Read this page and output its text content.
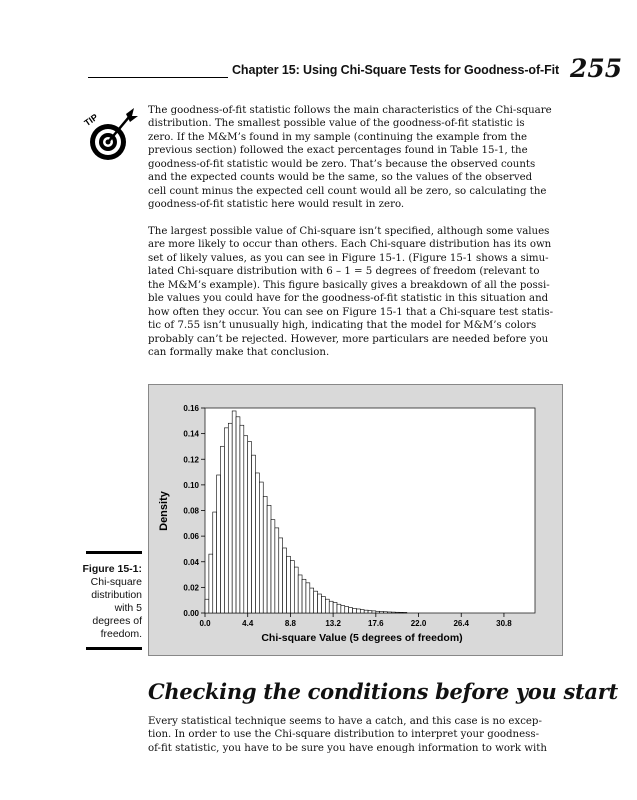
Chapter 15: Using Chi-Square Tests for Goodness-of-Fit 255
TIP
The goodness-of-fit statistic follows the main characteristics of the Chi-square
distribution. The smallest possible value of the goodness-of-fit statistic is
zero. If the M&M’s found in my sample (continuing the example from the
previous section) followed the exact percentages found in Table 15-1, the
goodness-of-fit statistic would be zero. That’s because the observed counts
and the expected counts would be the same, so the values of the observed
cell count minus the expected cell count would all be zero, so calculating the
goodness-of-fit statistic here would result in zero.
The largest possible value of Chi-square isn’t specified, although some values
are more likely to occur than others. Each Chi-square distribution has its own
set of likely values, as you can see in Figure 15-1. (Figure 15-1 shows a simu-
lated Chi-square distribution with 6 – 1 = 5 degrees of freedom (relevant to
the M&M’s example). This figure basically gives a breakdown of all the possi-
ble values you could have for the goodness-of-fit statistic in this situation and
how often they occur. You can see on Figure 15-1 that a Chi-square test statis-
tic of 7.55 isn’t unusually high, indicating that the model for M&M’s colors
probably can’t be rejected. However, more particulars are needed before you
can formally make that conclusion.
0.00
0.02
0.04
0.06
0.08
0.10
0.12
0.14
0.16
0.0	4.4	8.8	13.2	17.6	22.0	26.4	30.8
Density
Chi-square Value (5 degrees of freedom)
Figure 15-1:
Chi-square
distribution
with 5
degrees of
freedom.
Checking the conditions before you start
Every statistical technique seems to have a catch, and this case is no excep-
tion. In order to use the Chi-square distribution to interpret your goodness-
of-fit statistic, you have to be sure you have enough information to work with
